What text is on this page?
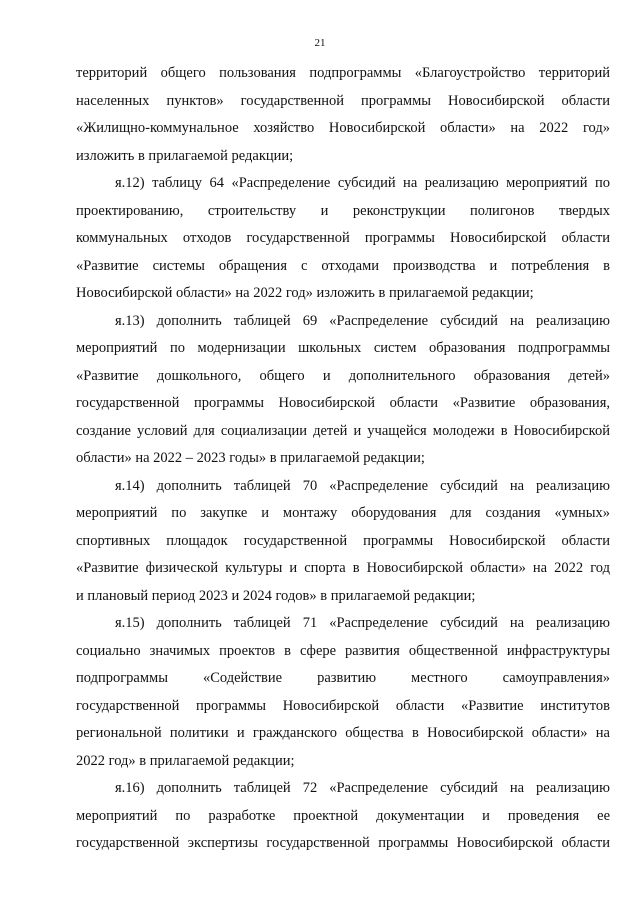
21
территорий общего пользования подпрограммы «Благоустройство территорий
населенных пунктов» государственной программы Новосибирской области
«Жилищно-коммунальное хозяйство Новосибирской области» на 2022 год»
изложить в прилагаемой редакции;
я.12) таблицу 64 «Распределение субсидий на реализацию мероприятий по
проектированию, строительству и реконструкции полигонов твердых
коммунальных отходов государственной программы Новосибирской области
«Развитие системы обращения с отходами производства и потребления в
Новосибирской области» на 2022 год» изложить в прилагаемой редакции;
я.13) дополнить таблицей 69 «Распределение субсидий на реализацию
мероприятий по модернизации школьных систем образования подпрограммы
«Развитие дошкольного, общего и дополнительного образования детей»
государственной программы Новосибирской области «Развитие образования,
создание условий для социализации детей и учащейся молодежи в Новосибирской
области» на 2022 – 2023 годы» в прилагаемой редакции;
я.14) дополнить таблицей 70 «Распределение субсидий на реализацию
мероприятий по закупке и монтажу оборудования для создания «умных»
спортивных площадок государственной программы Новосибирской области
«Развитие физической культуры и спорта в Новосибирской области» на 2022 год
и плановый период 2023 и 2024 годов» в прилагаемой редакции;
я.15) дополнить таблицей 71 «Распределение субсидий на реализацию
социально значимых проектов в сфере развития общественной инфраструктуры
подпрограммы «Содействие развитию местного самоуправления»
государственной программы Новосибирской области «Развитие институтов
региональной политики и гражданского общества в Новосибирской области» на
2022 год» в прилагаемой редакции;
я.16) дополнить таблицей 72 «Распределение субсидий на реализацию
мероприятий по разработке проектной документации и проведения ее
государственной экспертизы государственной программы Новосибирской области
